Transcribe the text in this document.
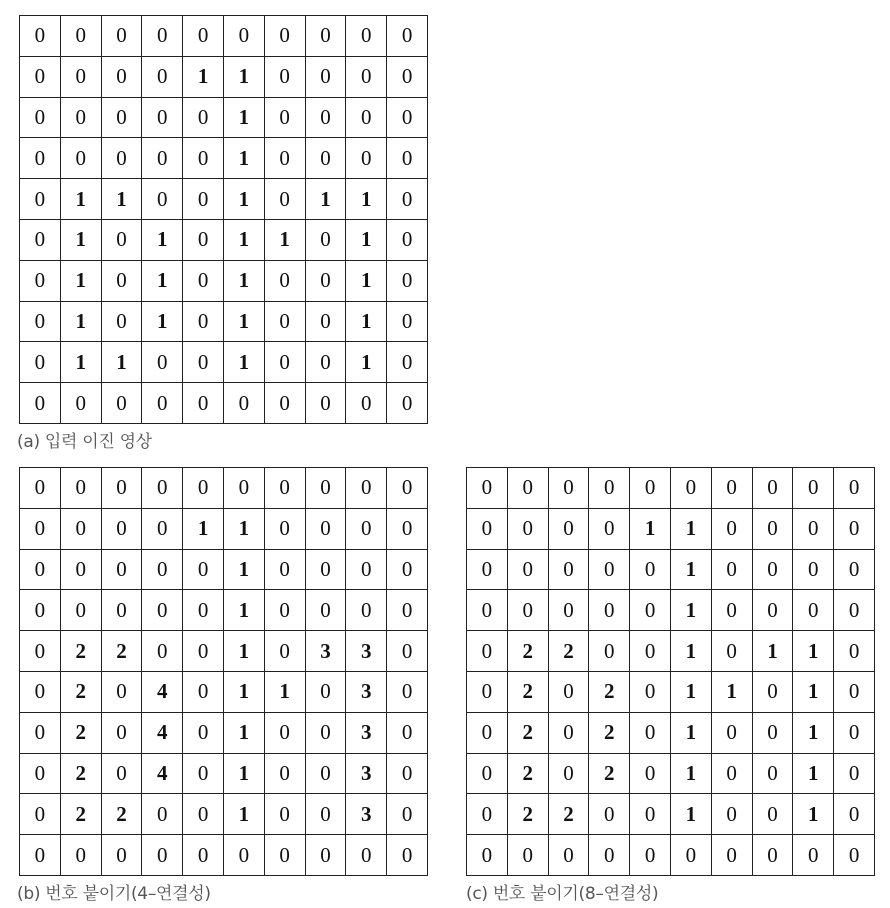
0	0	0	0	0	0	0	0	0	0
0	0	0	0	1	1	0	0	0	0
0	0	0	0	0	1	0	0	0	0
0	0	0	0	0	1	0	0	0	0
0	1	1	0	0	1	0	1	1	0
0	1	0	1	0	1	1	0	1	0
0	1	0	1	0	1	0	0	1	0
0	1	0	1	0	1	0	0	1	0
0	1	1	0	0	1	0	0	1	0
0	0	0	0	0	0	0	0	0	0
(a) 입력 이진 영상
0	0	0	0	0	0	0	0	0	0
0	0	0	0	1	1	0	0	0	0
0	0	0	0	0	1	0	0	0	0
0	0	0	0	0	1	0	0	0	0
0	2	2	0	0	1	0	3	3	0
0	2	0	4	0	1	1	0	3	0
0	2	0	4	0	1	0	0	3	0
0	2	0	4	0	1	0	0	3	0
0	2	2	0	0	1	0	0	3	0
0	0	0	0	0	0	0	0	0	0
(b) 번호 붙이기(4–연결성)
0	0	0	0	0	0	0	0	0	0
0	0	0	0	1	1	0	0	0	0
0	0	0	0	0	1	0	0	0	0
0	0	0	0	0	1	0	0	0	0
0	2	2	0	0	1	0	1	1	0
0	2	0	2	0	1	1	0	1	0
0	2	0	2	0	1	0	0	1	0
0	2	0	2	0	1	0	0	1	0
0	2	2	0	0	1	0	0	1	0
0	0	0	0	0	0	0	0	0	0
(c) 번호 붙이기(8–연결성)
